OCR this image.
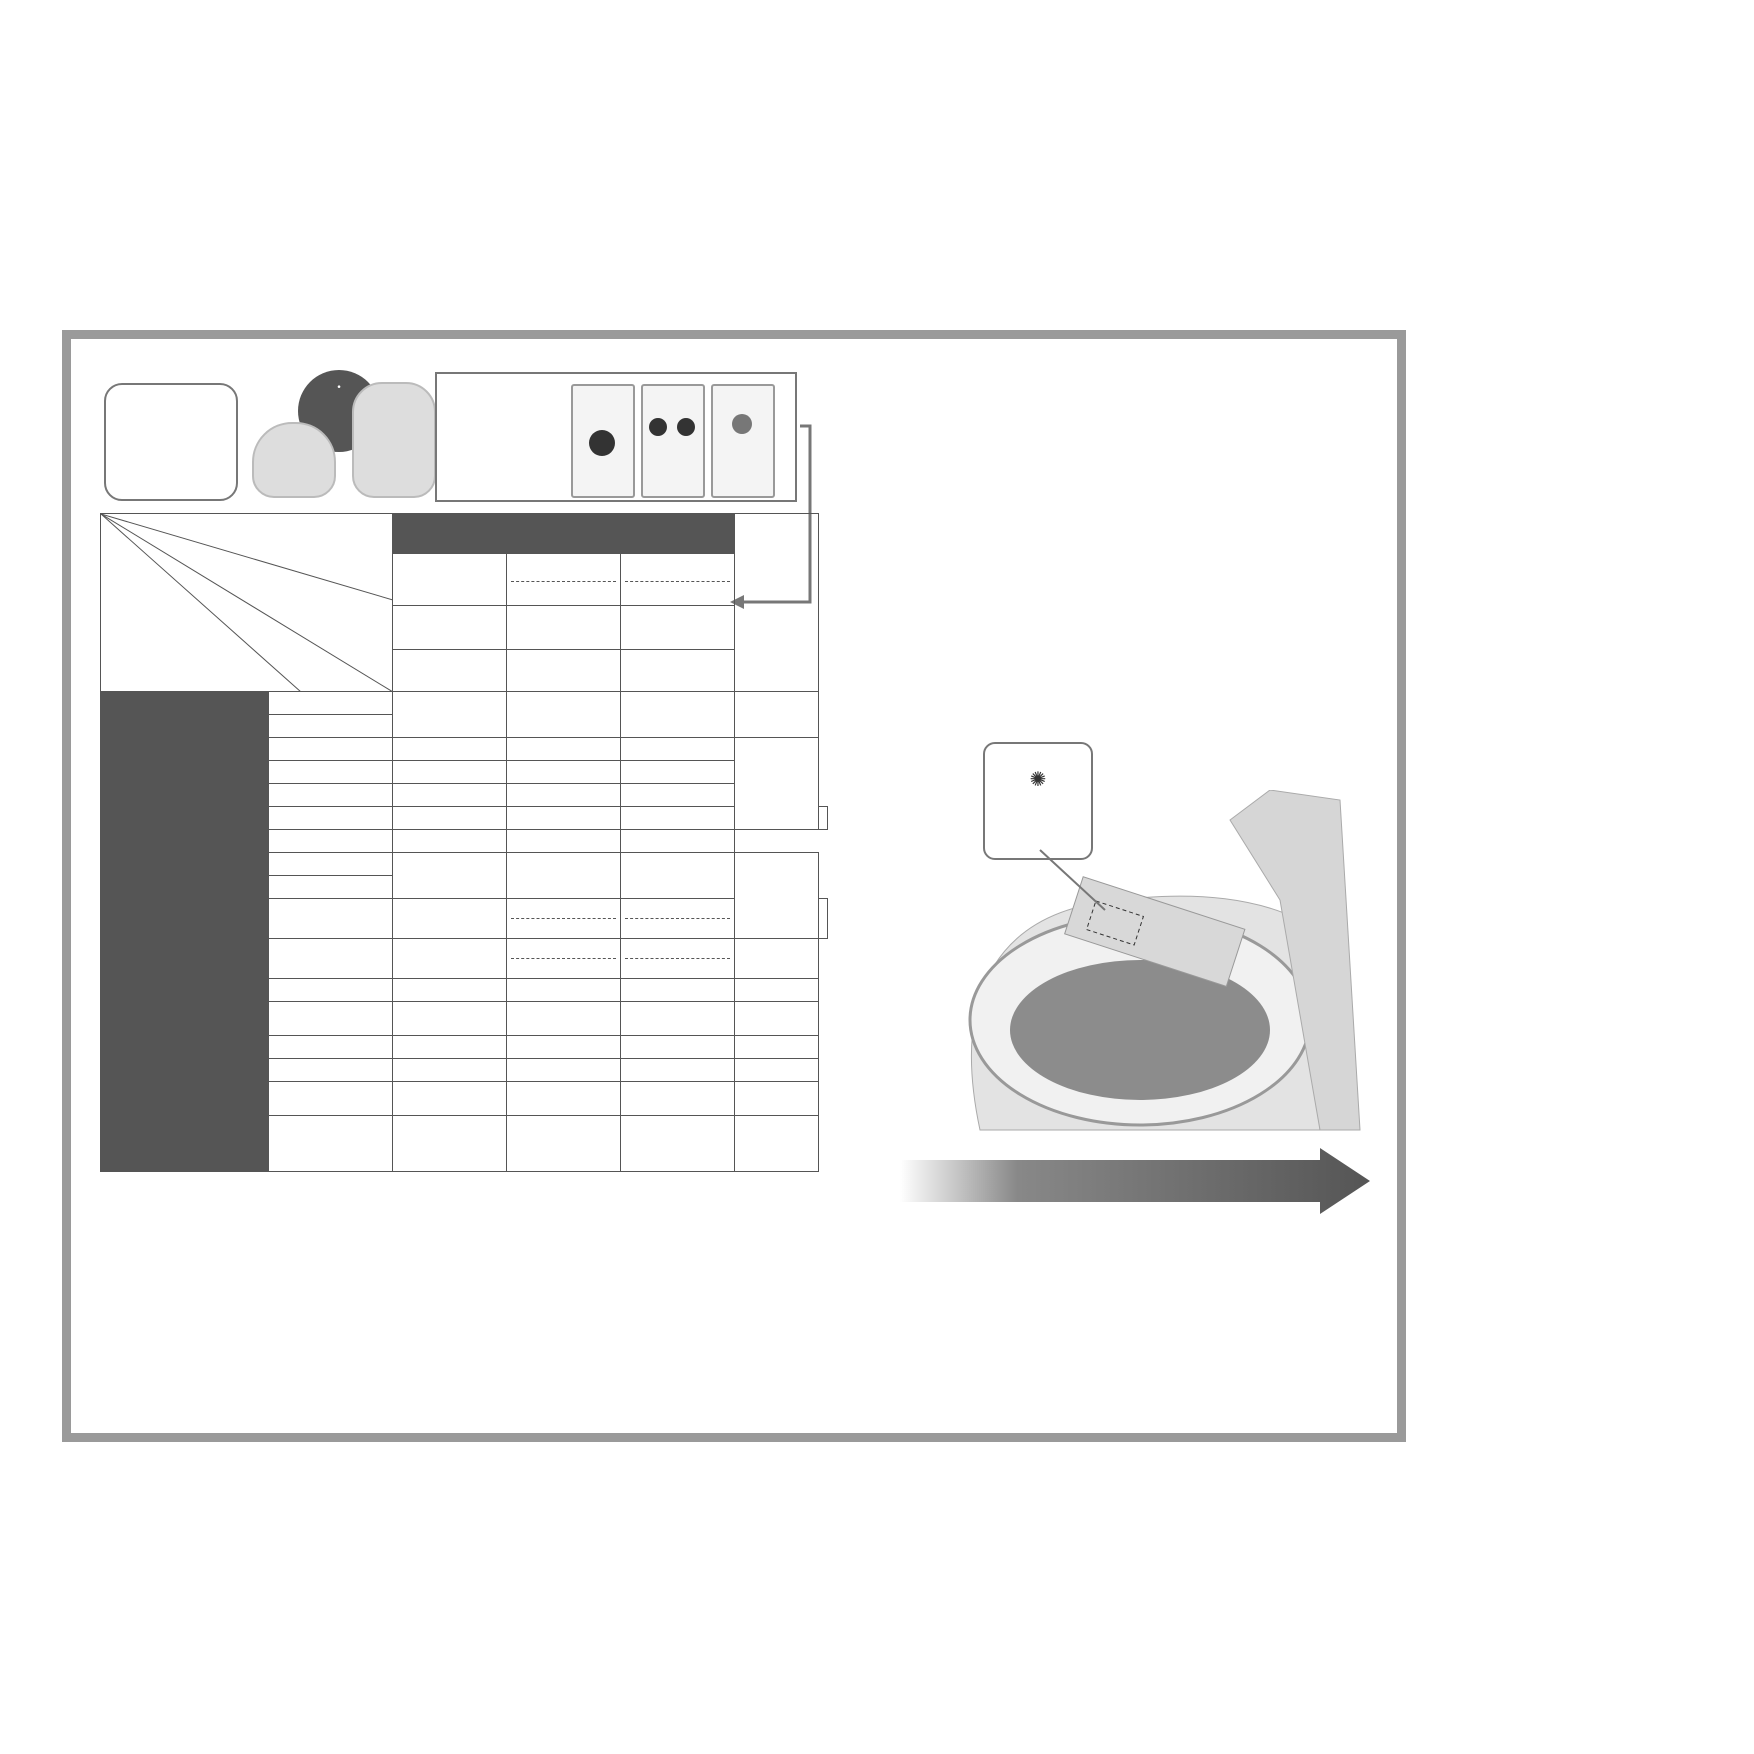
•

✺
